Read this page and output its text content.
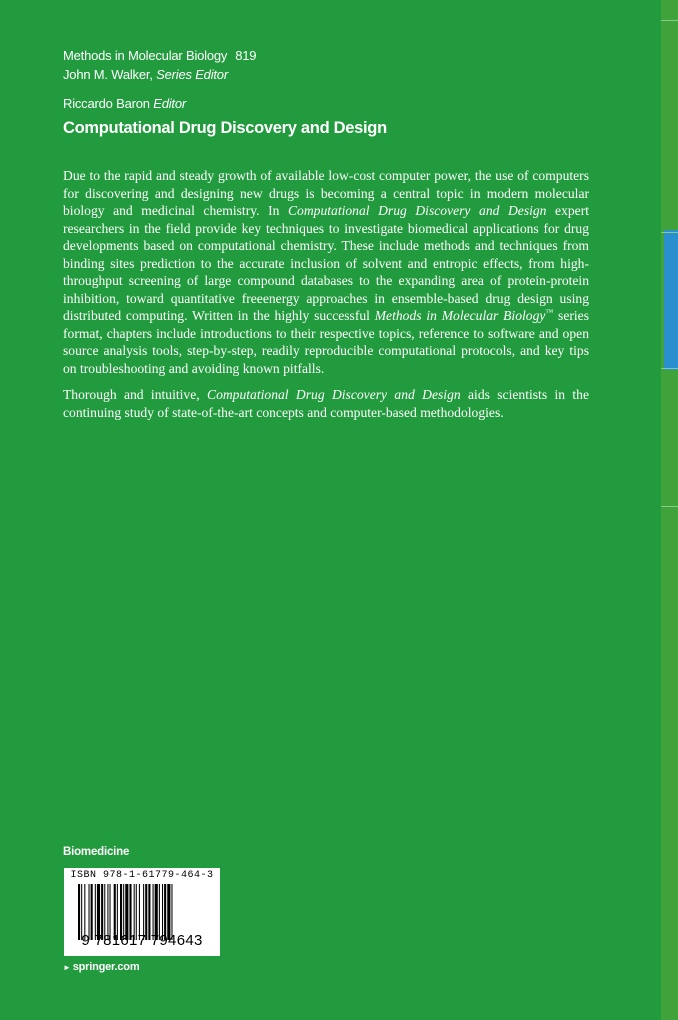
Methods in Molecular Biology 819
John M. Walker, Series Editor
Riccardo Baron Editor
Computational Drug Discovery and Design

Due to the rapid and steady growth of available low-cost computer power, the use of computers for discovering and designing new drugs is becoming a central topic in modern molecular biology and medicinal chemistry. In Computational Drug Discovery and Design expert researchers in the field provide key techniques to investigate biomedical applications for drug developments based on computational chemistry. These include methods and techniques from binding sites prediction to the accurate inclusion of solvent and entropic effects, from high-throughput screening of large compound databases to the expanding area of protein-protein inhibition, toward quantitative freeenergy approaches in ensemble-based drug design using distributed computing. Written in the highly successful Methods in Molecular Biology™ series format, chapters include introductions to their respective topics, reference to software and open source analysis tools, step-by-step, readily reproducible computational protocols, and key tips on troubleshooting and avoiding known pitfalls.

Thorough and intuitive, Computational Drug Discovery and Design aids scientists in the continuing study of state-of-the-art concepts and computer-based methodologies.

Biomedicine
ISBN 978-1-61779-464-3
9 781617 794643
► springer.com
